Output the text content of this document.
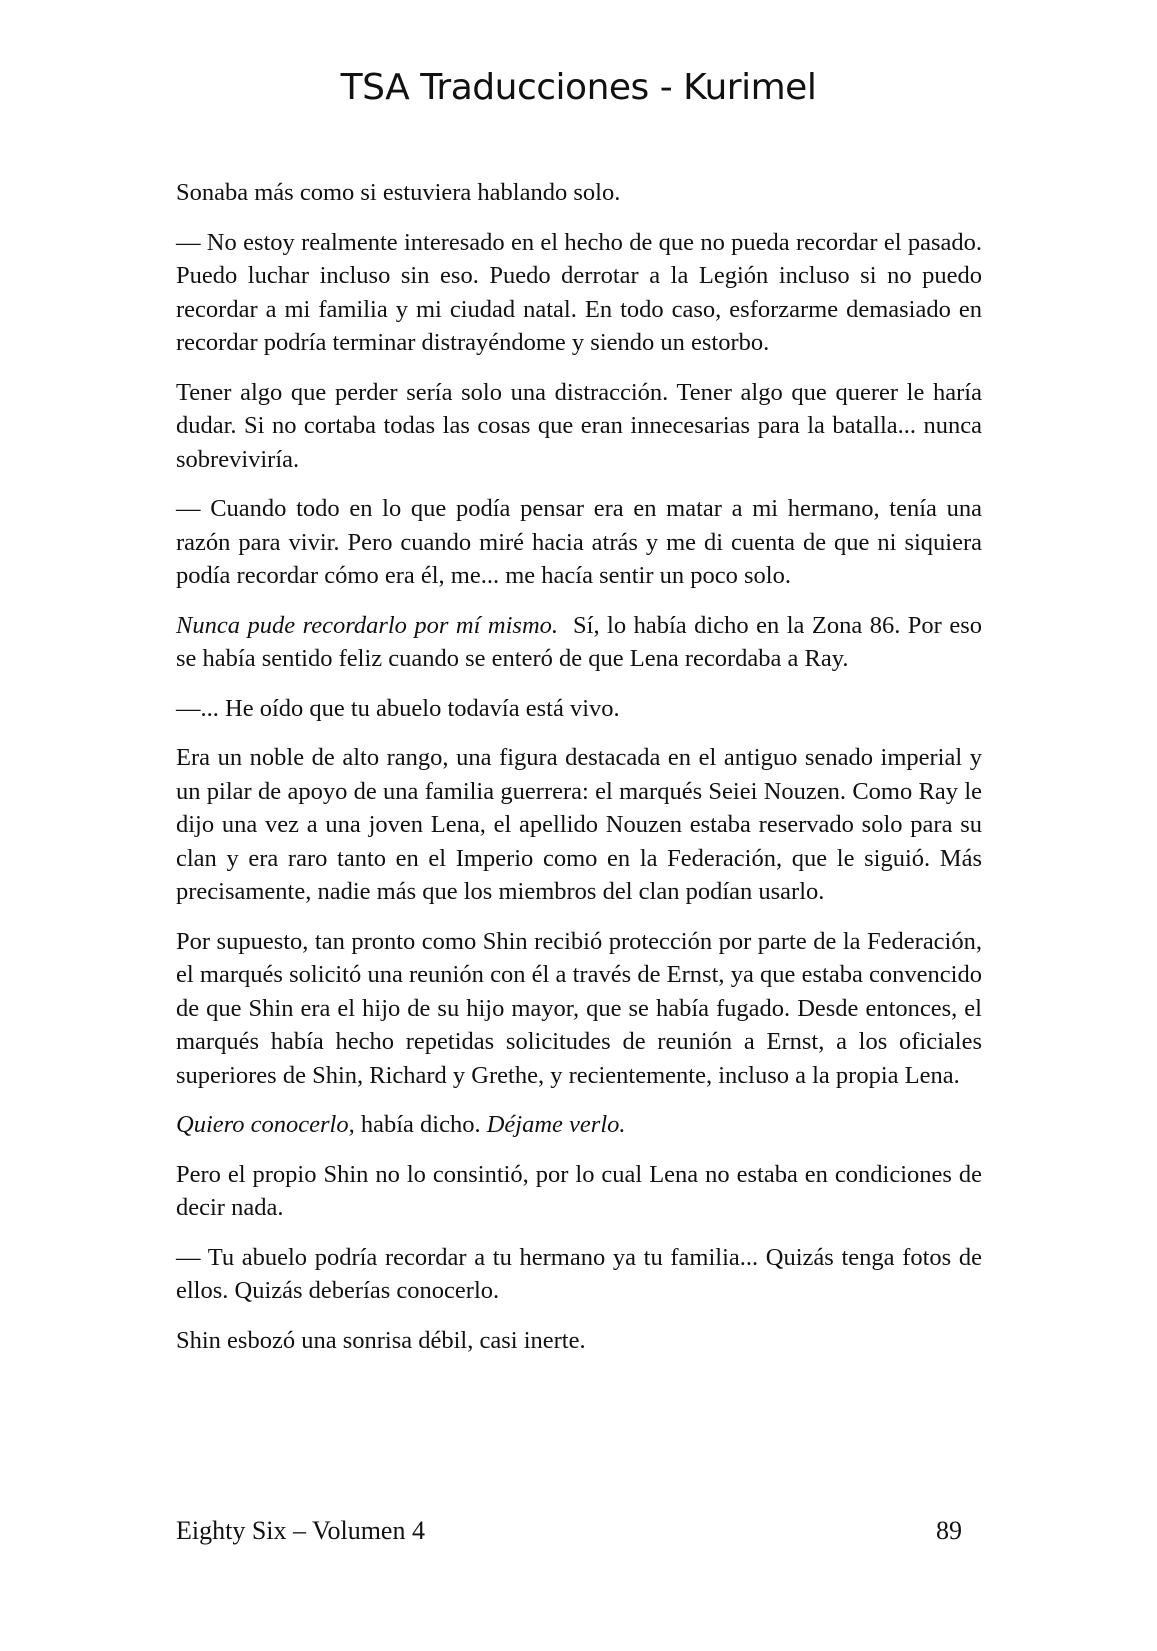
TSA Traducciones - Kurimel

Sonaba más como si estuviera hablando solo.

— No estoy realmente interesado en el hecho de que no pueda recordar el pasado. Puedo luchar incluso sin eso. Puedo derrotar a la Legión incluso si no puedo recordar a mi familia y mi ciudad natal. En todo caso, esforzarme demasiado en recordar podría terminar distrayéndome y siendo un estorbo.

Tener algo que perder sería solo una distracción. Tener algo que querer le haría dudar. Si no cortaba todas las cosas que eran innecesarias para la batalla... nunca sobreviviría.

— Cuando todo en lo que podía pensar era en matar a mi hermano, tenía una razón para vivir. Pero cuando miré hacia atrás y me di cuenta de que ni siquiera podía recordar cómo era él, me... me hacía sentir un poco solo.

Nunca pude recordarlo por mí mismo.  Sí, lo había dicho en la Zona 86. Por eso se había sentido feliz cuando se enteró de que Lena recordaba a Ray.

—... He oído que tu abuelo todavía está vivo.

Era un noble de alto rango, una figura destacada en el antiguo senado imperial y un pilar de apoyo de una familia guerrera: el marqués Seiei Nouzen. Como Ray le dijo una vez a una joven Lena, el apellido Nouzen estaba reservado solo para su clan y era raro tanto en el Imperio como en la Federación, que le siguió. Más precisamente, nadie más que los miembros del clan podían usarlo.

Por supuesto, tan pronto como Shin recibió protección por parte de la Federación, el marqués solicitó una reunión con él a través de Ernst, ya que estaba convencido de que Shin era el hijo de su hijo mayor, que se había fugado. Desde entonces, el marqués había hecho repetidas solicitudes de reunión a Ernst, a los oficiales superiores de Shin, Richard y Grethe, y recientemente, incluso a la propia Lena.

Quiero conocerlo, había dicho. Déjame verlo.

Pero el propio Shin no lo consintió, por lo cual Lena no estaba en condiciones de decir nada.

— Tu abuelo podría recordar a tu hermano ya tu familia... Quizás tenga fotos de ellos. Quizás deberías conocerlo.

Shin esbozó una sonrisa débil, casi inerte.

Eighty Six – Volumen 4	89
